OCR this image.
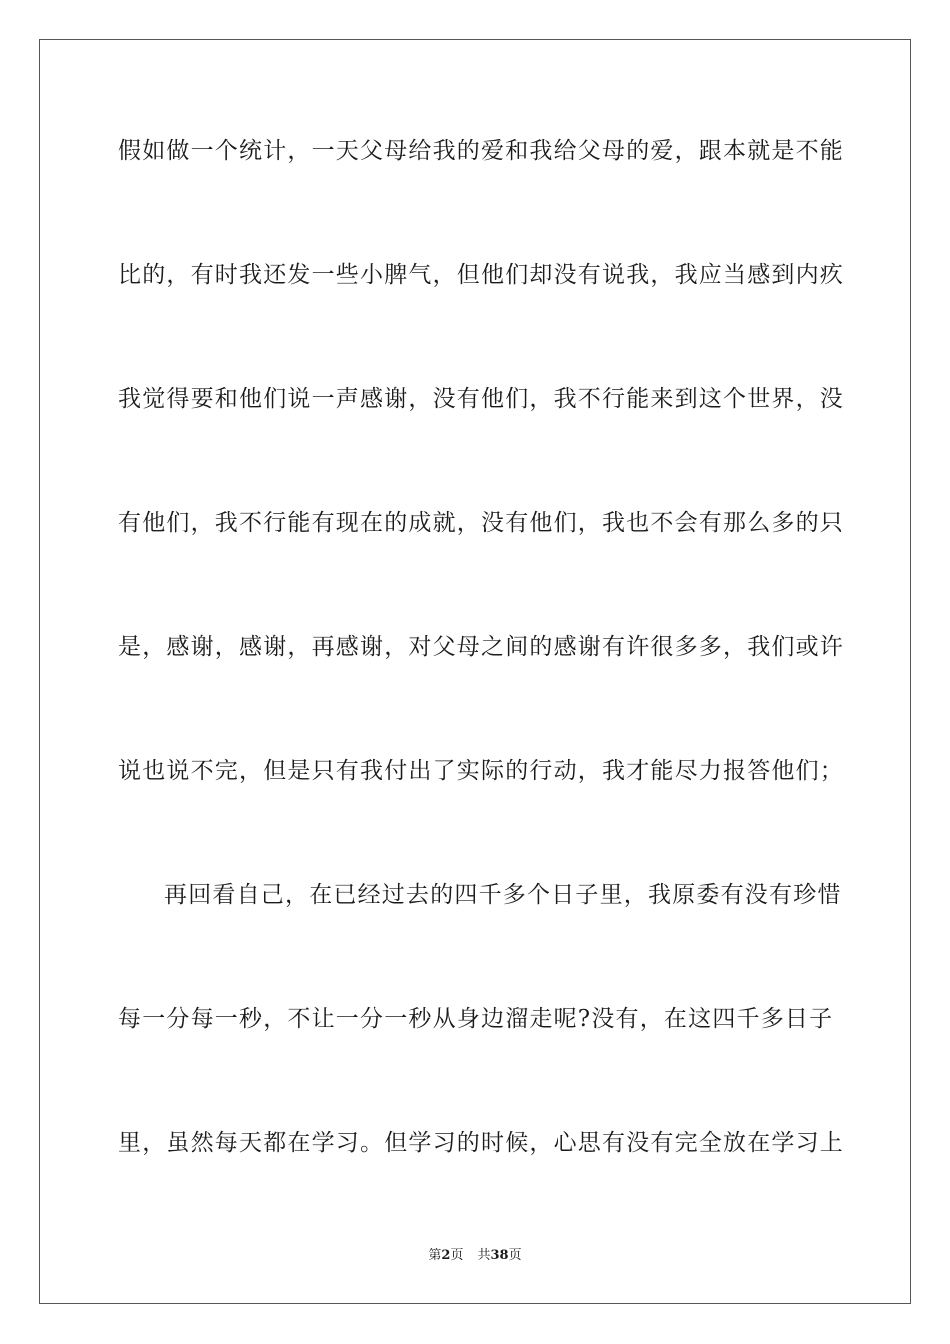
假如做一个统计，一天父母给我的爱和我给父母的爱，跟本就是不能
比的，有时我还发一些小脾气，但他们却没有说我，我应当感到内疚
我觉得要和他们说一声感谢，没有他们，我不行能来到这个世界，没
有他们，我不行能有现在的成就，没有他们，我也不会有那么多的只
是，感谢，感谢，再感谢，对父母之间的感谢有许很多多，我们或许
说也说不完，但是只有我付出了实际的行动，我才能尽力报答他们；
再回看自己，在已经过去的四千多个日子里，我原委有没有珍惜
每一分每一秒，不让一分一秒从身边溜走呢?没有，在这四千多日子
里，虽然每天都在学习。但学习的时候，心思有没有完全放在学习上
第2页 共38页
